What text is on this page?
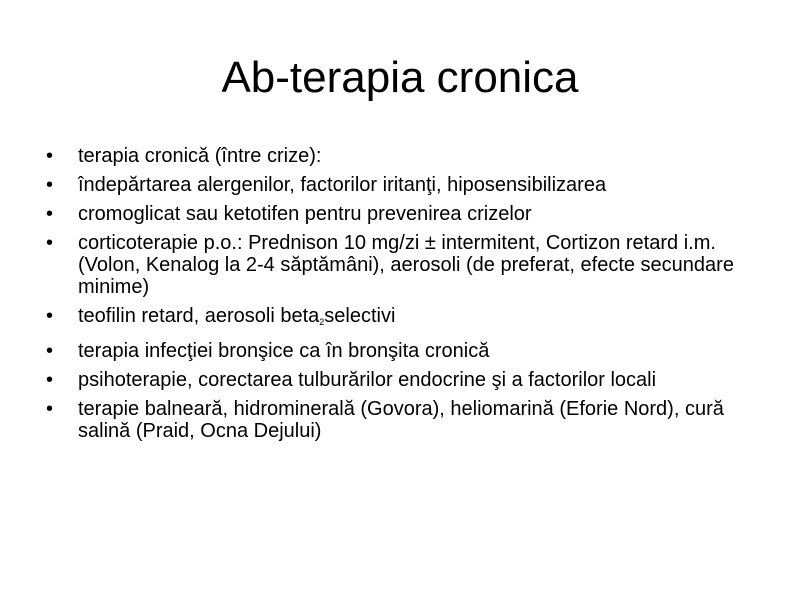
Ab-terapia cronica
• terapia cronică (între crize):
• îndepărtarea alergenilor, factorilor iritanţi, hiposensibilizarea
• cromoglicat sau ketotifen pentru prevenirea crizelor
• corticoterapie p.o.: Prednison 10 mg/zi ± intermitent, Cortizon retard i.m. (Volon, Kenalog la 2-4 săptămâni), aerosoli (de preferat, efecte secundare minime)
• teofilin retard, aerosoli beta$_2$selectivi
• terapia infecţiei bronşice ca în bronşita cronică
• psihoterapie, corectarea tulburărilor endocrine şi a factorilor locali
• terapie balneară, hidrominerală (Govora), heliomarină (Eforie Nord), cură salină (Praid, Ocna Dejului)
